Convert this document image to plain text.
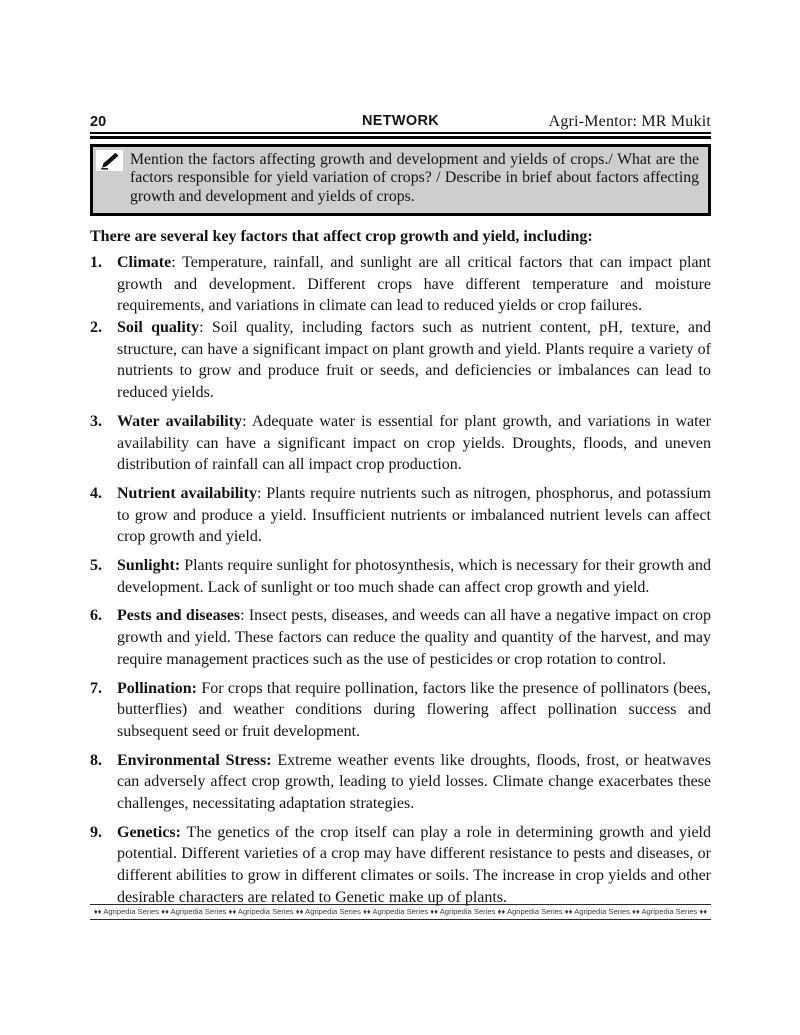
20	NETWORK	Agri-Mentor: MR Mukit
Mention the factors affecting growth and development and yields of crops./ What are the factors responsible for yield variation of crops? / Describe in brief about factors affecting growth and development and yields of crops.
There are several key factors that affect crop growth and yield, including:
1. Climate: Temperature, rainfall, and sunlight are all critical factors that can impact plant growth and development. Different crops have different temperature and moisture requirements, and variations in climate can lead to reduced yields or crop failures.
2. Soil quality: Soil quality, including factors such as nutrient content, pH, texture, and structure, can have a significant impact on plant growth and yield. Plants require a variety of nutrients to grow and produce fruit or seeds, and deficiencies or imbalances can lead to reduced yields.
3. Water availability: Adequate water is essential for plant growth, and variations in water availability can have a significant impact on crop yields. Droughts, floods, and uneven distribution of rainfall can all impact crop production.
4. Nutrient availability: Plants require nutrients such as nitrogen, phosphorus, and potassium to grow and produce a yield. Insufficient nutrients or imbalanced nutrient levels can affect crop growth and yield.
5. Sunlight: Plants require sunlight for photosynthesis, which is necessary for their growth and development. Lack of sunlight or too much shade can affect crop growth and yield.
6. Pests and diseases: Insect pests, diseases, and weeds can all have a negative impact on crop growth and yield. These factors can reduce the quality and quantity of the harvest, and may require management practices such as the use of pesticides or crop rotation to control.
7. Pollination: For crops that require pollination, factors like the presence of pollinators (bees, butterflies) and weather conditions during flowering affect pollination success and subsequent seed or fruit development.
8. Environmental Stress: Extreme weather events like droughts, floods, frost, or heatwaves can adversely affect crop growth, leading to yield losses. Climate change exacerbates these challenges, necessitating adaptation strategies.
9. Genetics: The genetics of the crop itself can play a role in determining growth and yield potential. Different varieties of a crop may have different resistance to pests and diseases, or different abilities to grow in different climates or soils. The increase in crop yields and other desirable characters are related to Genetic make up of plants.
♦♦ Agripedia Series ♦♦ Agripedia Series ♦♦ Agripedia Series ♦♦ Agripedia Series ♦♦ Agripedia Series ♦♦ Agripedia Series ♦♦ Agripedia Series ♦♦ Agripedia Series ♦♦ Agripedia Series ♦♦
